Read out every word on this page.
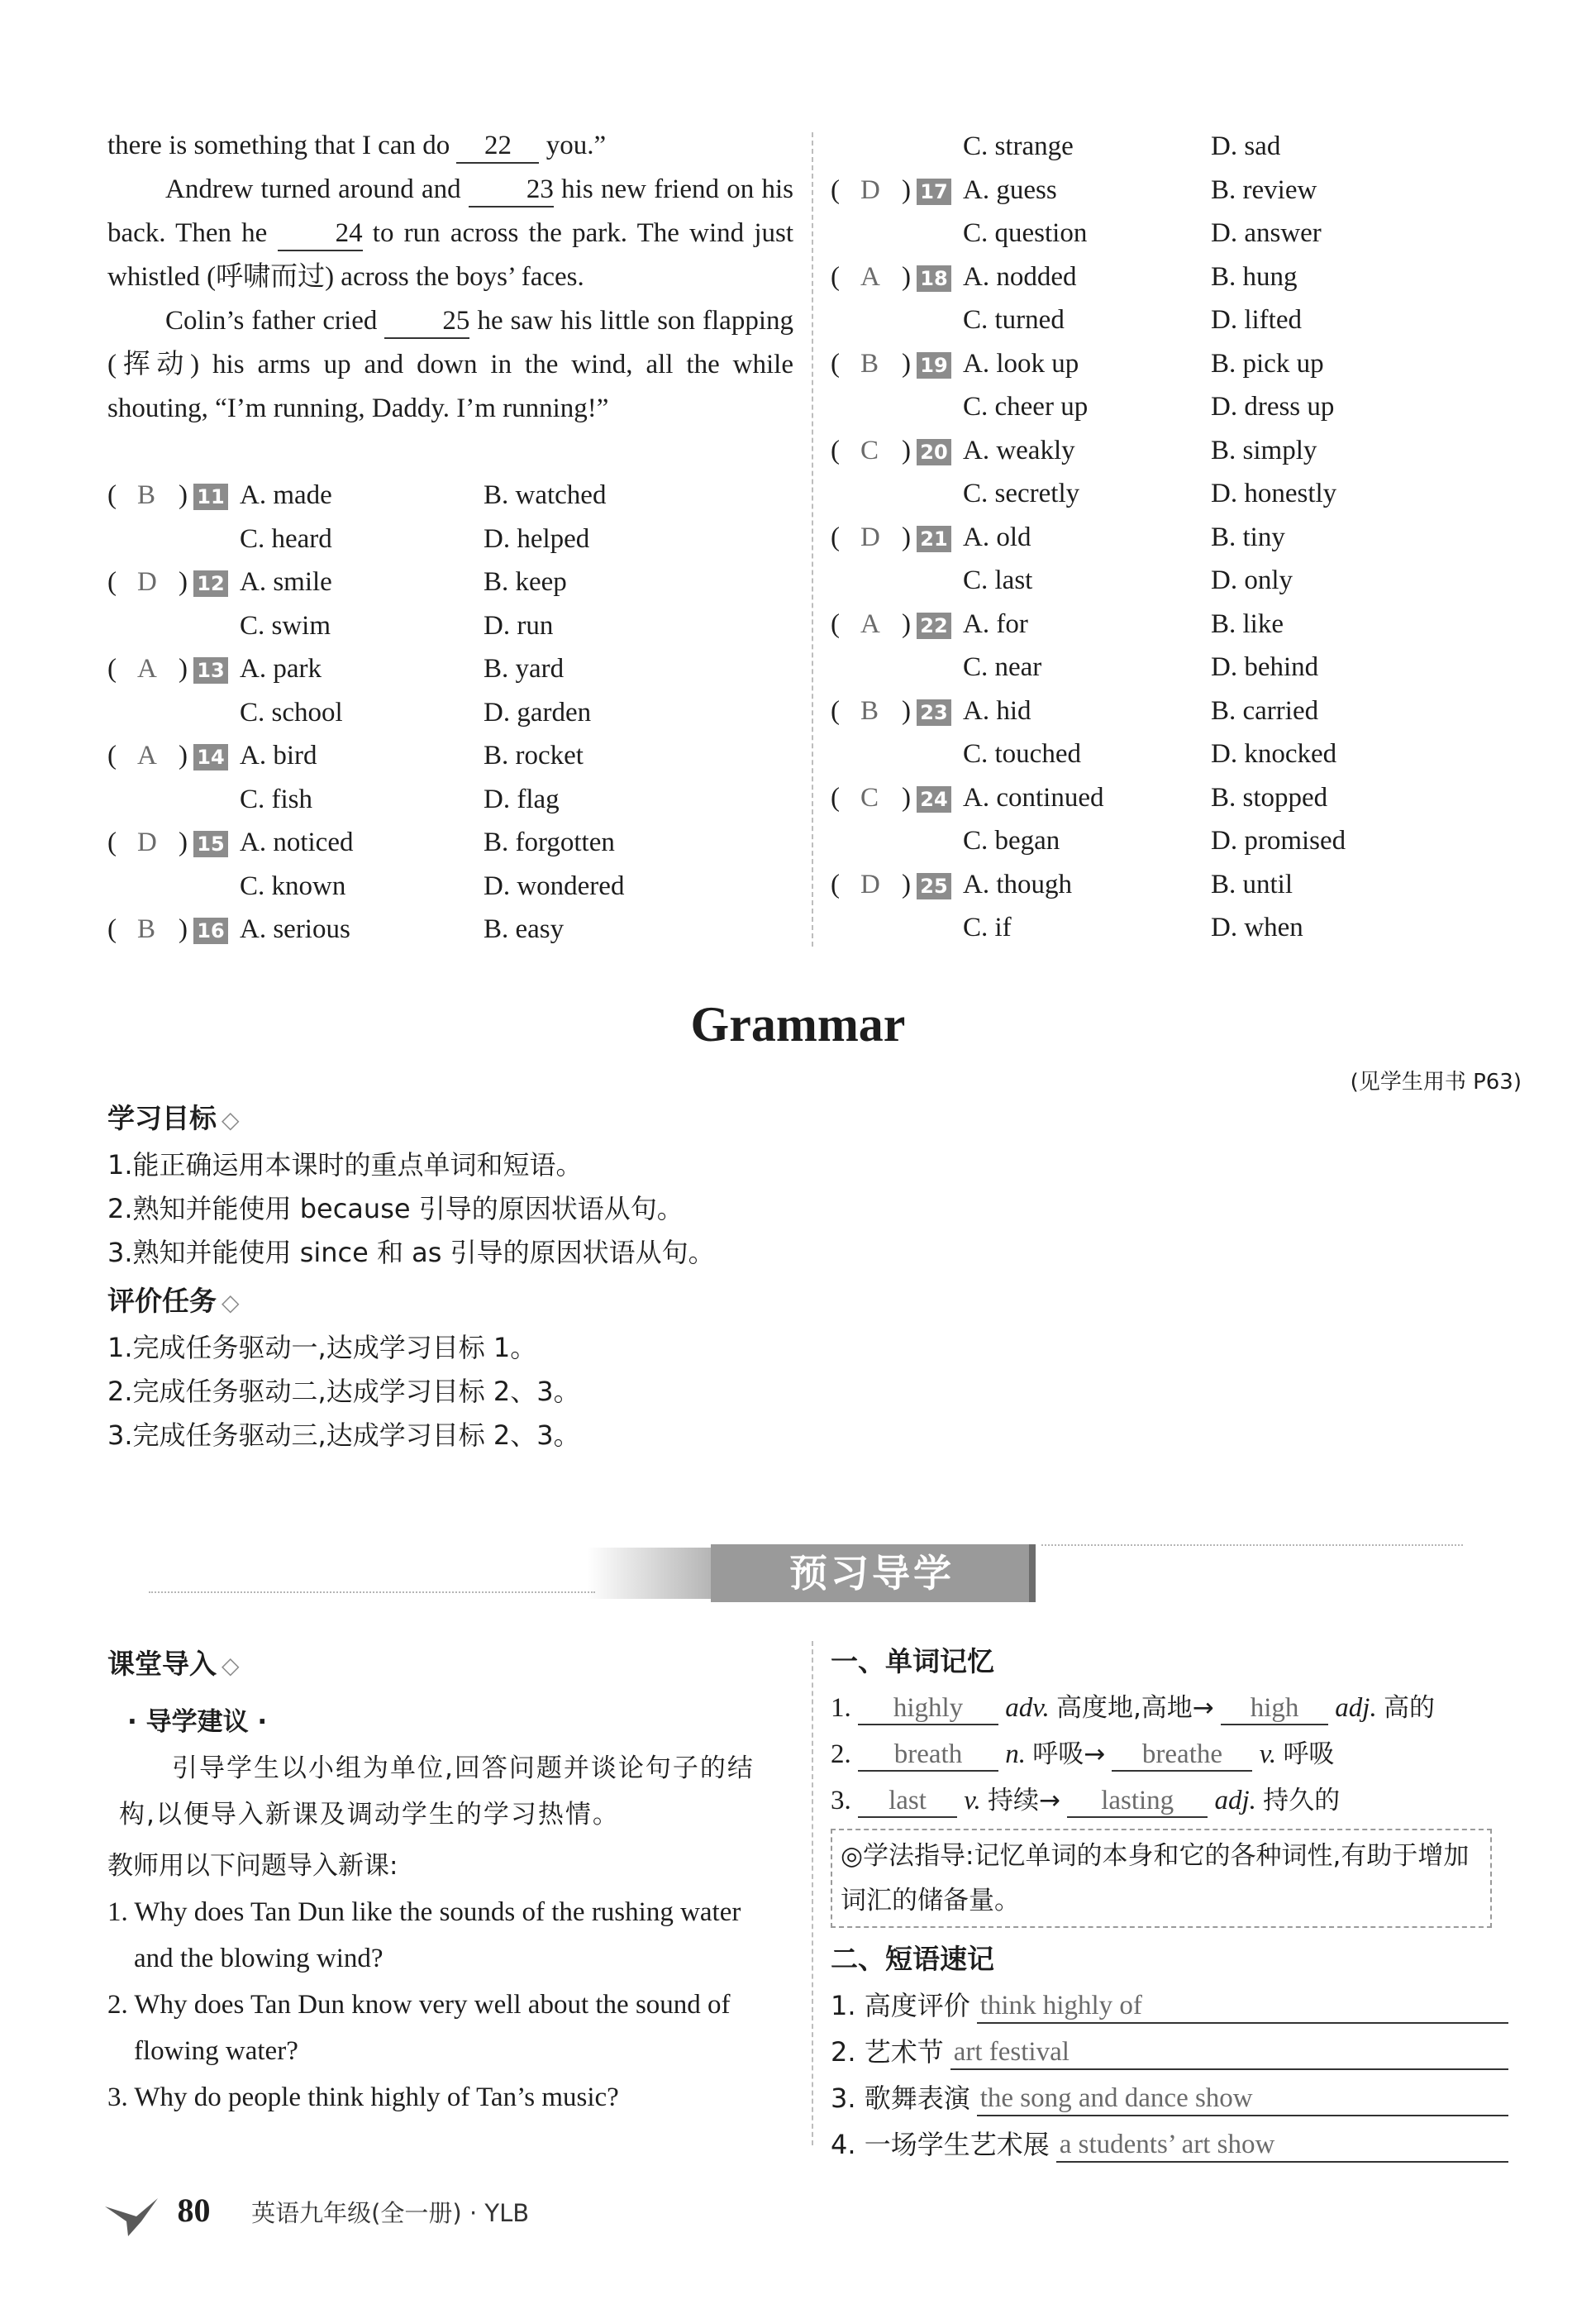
there is something that I can do 22 you.”

Andrew turned around and 23 his new friend on his back. Then he 24 to run across the park. The wind just whistled (呼啸而过) across the boys’ faces.

Colin’s father cried 25 he saw his little son flapping (挥动) his arms up and down in the wind, all the while shouting, “I’m running, Daddy. I’m running!”

( B ) 11 A. made	B. watched
C. heard	D. helped
( D ) 12 A. smile	B. keep
C. swim	D. run
( A ) 13 A. park	B. yard
C. school	D. garden
( A ) 14 A. bird	B. rocket
C. fish	D. flag
( D ) 15 A. noticed	B. forgotten
C. known	D. wondered
( B ) 16 A. serious	B. easy
C. strange	D. sad
( D ) 17 A. guess	B. review
C. question	D. answer
( A ) 18 A. nodded	B. hung
C. turned	D. lifted
( B ) 19 A. look up	B. pick up
C. cheer up	D. dress up
( C ) 20 A. weakly	B. simply
C. secretly	D. honestly
( D ) 21 A. old	B. tiny
C. last	D. only
( A ) 22 A. for	B. like
C. near	D. behind
( B ) 23 A. hid	B. carried
C. touched	D. knocked
( C ) 24 A. continued	B. stopped
C. began	D. promised
( D ) 25 A. though	B. until
C. if	D. when
Grammar
(见学生用书 P63)
学习目标 ◇
1.能正确运用本课时的重点单词和短语。
2.熟知并能使用 because 引导的原因状语从句。
3.熟知并能使用 since 和 as 引导的原因状语从句。
评价任务 ◇
1.完成任务驱动一,达成学习目标 1。
2.完成任务驱动二,达成学习目标 2、3。
3.完成任务驱动三,达成学习目标 2、3。
预习导学
课堂导入 ◇
· 导学建议 ·
引导学生以小组为单位,回答问题并谈论句子的结构,以便导入新课及调动学生的学习热情。
教师用以下问题导入新课:
1. Why does Tan Dun like the sounds of the rushing water and the blowing wind?
2. Why does Tan Dun know very well about the sound of flowing water?
3. Why do people think highly of Tan’s music?
一、单词记忆
1. highly adv. 高度地,高地→ high adj. 高的
2. breath n. 呼吸→ breathe v. 呼吸
3. last v. 持续→ lasting adj. 持久的
◎学法指导:记忆单词的本身和它的各种词性,有助于增加词汇的储备量。
二、短语速记
1. 高度评价 think highly of
2. 艺术节 art festival
3. 歌舞表演 the song and dance show
4. 一场学生艺术展 a students’ art show
80 英语九年级(全一册) · YLB
